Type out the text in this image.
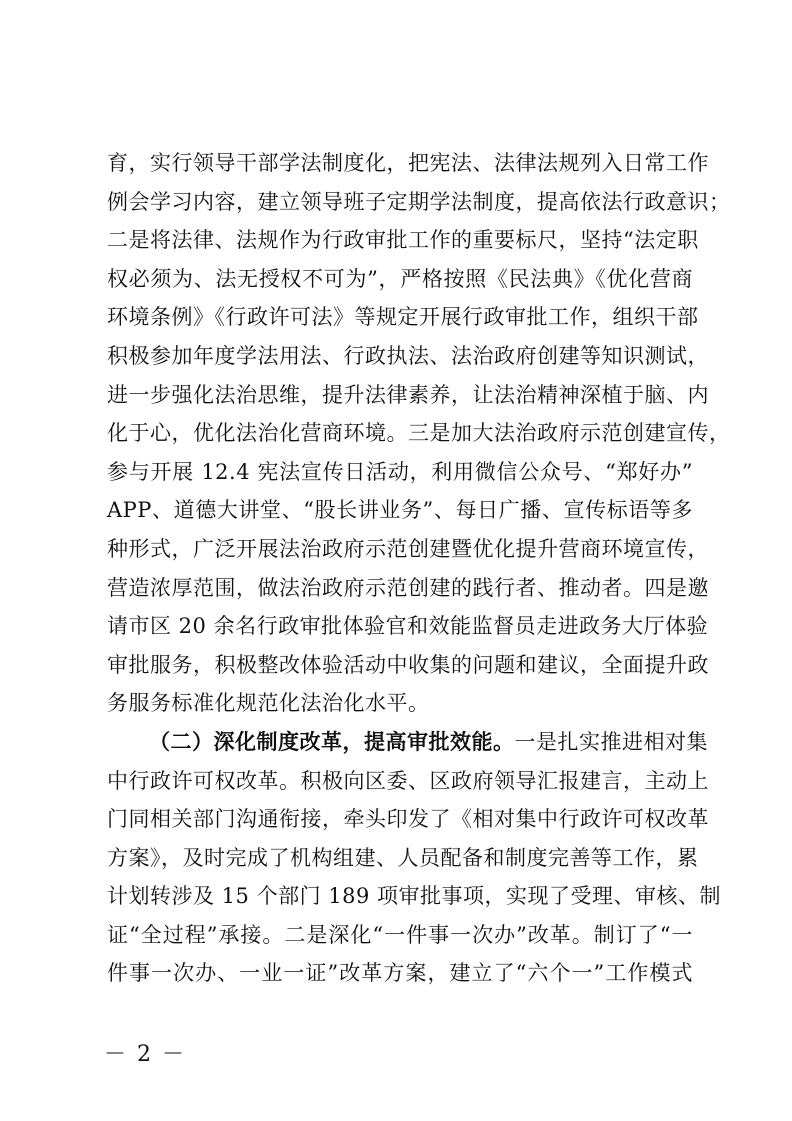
育，实行领导干部学法制度化，把宪法、法律法规列入日常工作
例会学习内容，建立领导班子定期学法制度，提高依法行政意识；
二是将法律、法规作为行政审批工作的重要标尺，坚持“法定职
权必须为、法无授权不可为”，严格按照《民法典》《优化营商
环境条例》《行政许可法》等规定开展行政审批工作，组织干部
积极参加年度学法用法、行政执法、法治政府创建等知识测试，
进一步强化法治思维，提升法律素养，让法治精神深植于脑、内
化于心，优化法治化营商环境。三是加大法治政府示范创建宣传，
参与开展 12.4 宪法宣传日活动，利用微信公众号、“郑好办”
APP、道德大讲堂、“股长讲业务”、每日广播、宣传标语等多
种形式，广泛开展法治政府示范创建暨优化提升营商环境宣传，
营造浓厚范围，做法治政府示范创建的践行者、推动者。四是邀
请市区 20 余名行政审批体验官和效能监督员走进政务大厅体验
审批服务，积极整改体验活动中收集的问题和建议，全面提升政
务服务标准化规范化法治化水平。
（二）深化制度改革，提高审批效能。一是扎实推进相对集
中行政许可权改革。积极向区委、区政府领导汇报建言，主动上
门同相关部门沟通衔接，牵头印发了《相对集中行政许可权改革
方案》，及时完成了机构组建、人员配备和制度完善等工作，累
计划转涉及 15 个部门 189 项审批事项，实现了受理、审核、制
证“全过程”承接。二是深化“一件事一次办”改革。制订了“一
件事一次办、一业一证”改革方案，建立了“六个一”工作模式
－ 2 －
